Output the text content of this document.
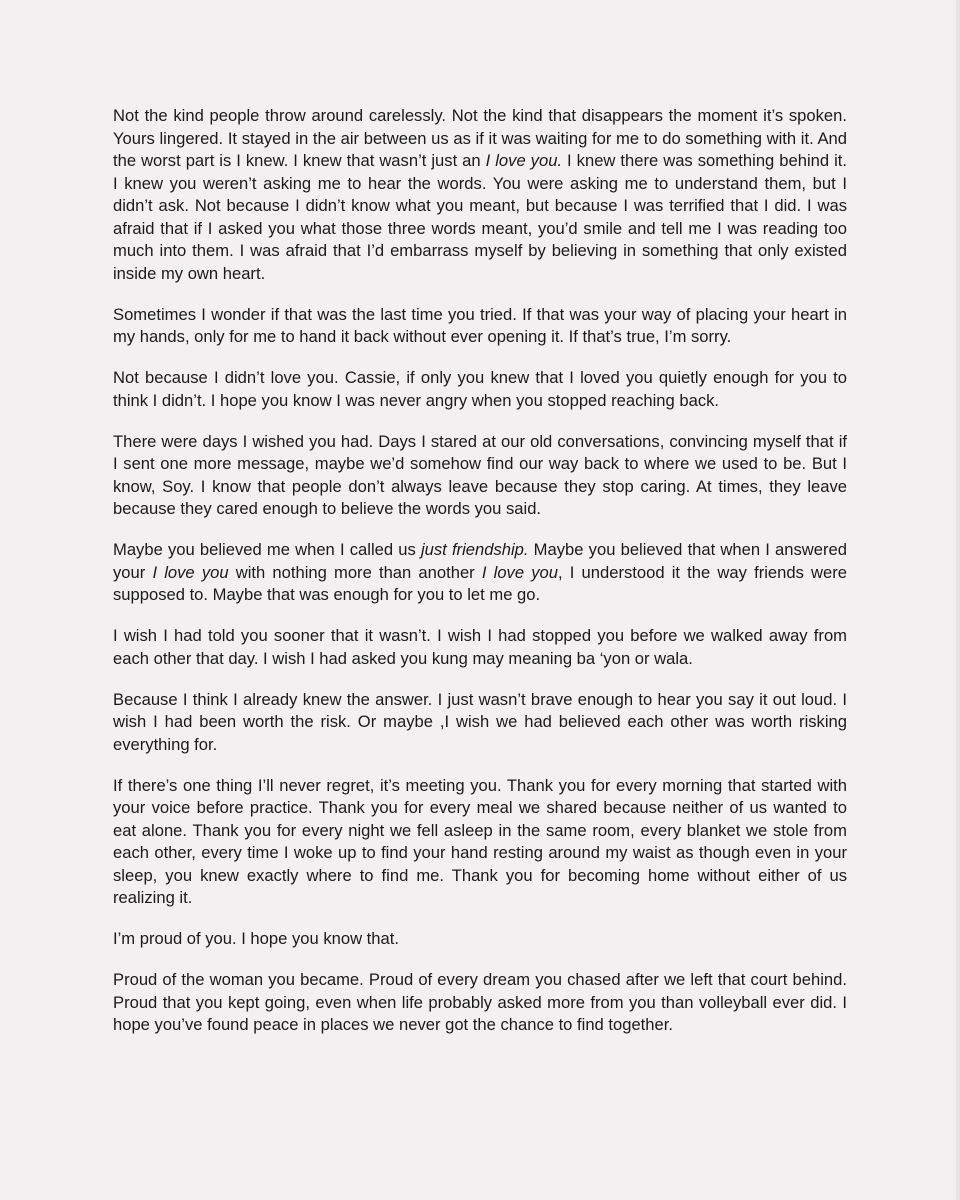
Not the kind people throw around carelessly. Not the kind that disappears the moment it’s spoken. Yours lingered. It stayed in the air between us as if it was waiting for me to do something with it. And the worst part is I knew. I knew that wasn’t just an I love you. I knew there was something behind it. I knew you weren’t asking me to hear the words. You were asking me to understand them, but I didn’t ask. Not because I didn’t know what you meant, but because I was terrified that I did. I was afraid that if I asked you what those three words meant, you’d smile and tell me I was reading too much into them. I was afraid that I’d embarrass myself by believing in something that only existed inside my own heart.

Sometimes I wonder if that was the last time you tried. If that was your way of placing your heart in my hands, only for me to hand it back without ever opening it. If that’s true, I’m sorry.

Not because I didn’t love you. Cassie, if only you knew that I loved you quietly enough for you to think I didn’t. I hope you know I was never angry when you stopped reaching back.

There were days I wished you had. Days I stared at our old conversations, convincing myself that if I sent one more message, maybe we’d somehow find our way back to where we used to be. But I know, Soy. I know that people don’t always leave because they stop caring. At times, they leave because they cared enough to believe the words you said.

Maybe you believed me when I called us just friendship. Maybe you believed that when I answered your I love you with nothing more than another I love you, I understood it the way friends were supposed to. Maybe that was enough for you to let me go.

I wish I had told you sooner that it wasn’t. I wish I had stopped you before we walked away from each other that day. I wish I had asked you kung may meaning ba ‘yon or wala.

Because I think I already knew the answer. I just wasn’t brave enough to hear you say it out loud. I wish I had been worth the risk. Or maybe ,I wish we had believed each other was worth risking everything for.

If there’s one thing I’ll never regret, it’s meeting you. Thank you for every morning that started with your voice before practice. Thank you for every meal we shared because neither of us wanted to eat alone. Thank you for every night we fell asleep in the same room, every blanket we stole from each other, every time I woke up to find your hand resting around my waist as though even in your sleep, you knew exactly where to find me. Thank you for becoming home without either of us realizing it.

I’m proud of you. I hope you know that.

Proud of the woman you became. Proud of every dream you chased after we left that court behind. Proud that you kept going, even when life probably asked more from you than volleyball ever did. I hope you’ve found peace in places we never got the chance to find together.
